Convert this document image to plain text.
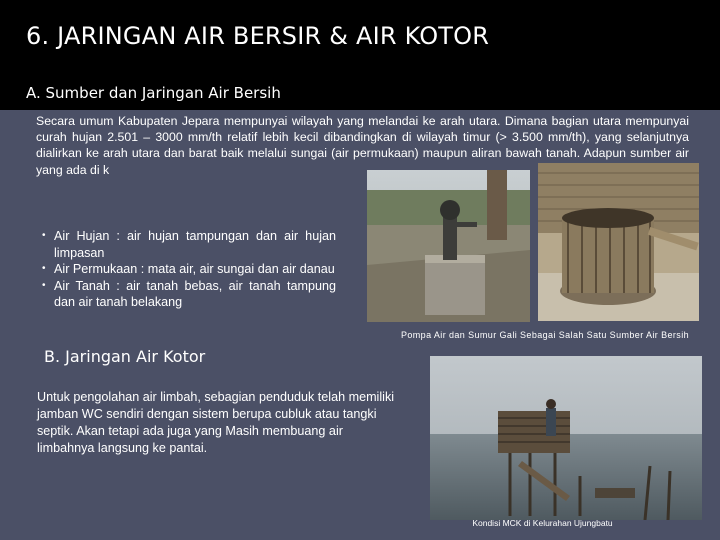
6. JARINGAN AIR BERSIR & AIR KOTOR
A. Sumber dan Jaringan Air Bersih

Secara umum Kabupaten Jepara mempunyai wilayah yang melandai ke arah utara. Dimana bagian utara mempunyai curah hujan 2.501 – 3000 mm/th relatif lebih kecil dibandingkan di wilayah timur (> 3.500 mm/th), yang selanjutnya dialirkan ke arah utara dan barat baik melalui sungai (air permukaan) maupun aliran bawah tanah. Adapun sumber air yang ada di k

• Air Hujan : air hujan tampungan dan air hujan limpasan
• Air Permukaan : mata air, air sungai dan air danau
• Air Tanah : air tanah bebas, air tanah tampung dan air tanah belakang
Pompa Air dan Sumur Gali Sebagai Salah Satu Sumber Air Bersih
B. Jaringan Air Kotor

Untuk pengolahan air limbah, sebagian penduduk telah memiliki jamban WC sendiri dengan sistem berupa cubluk atau tangki septik. Akan tetapi ada juga yang Masih membuang air limbahnya langsung ke pantai.

Kondisi MCK di Kelurahan Ujungbatu
